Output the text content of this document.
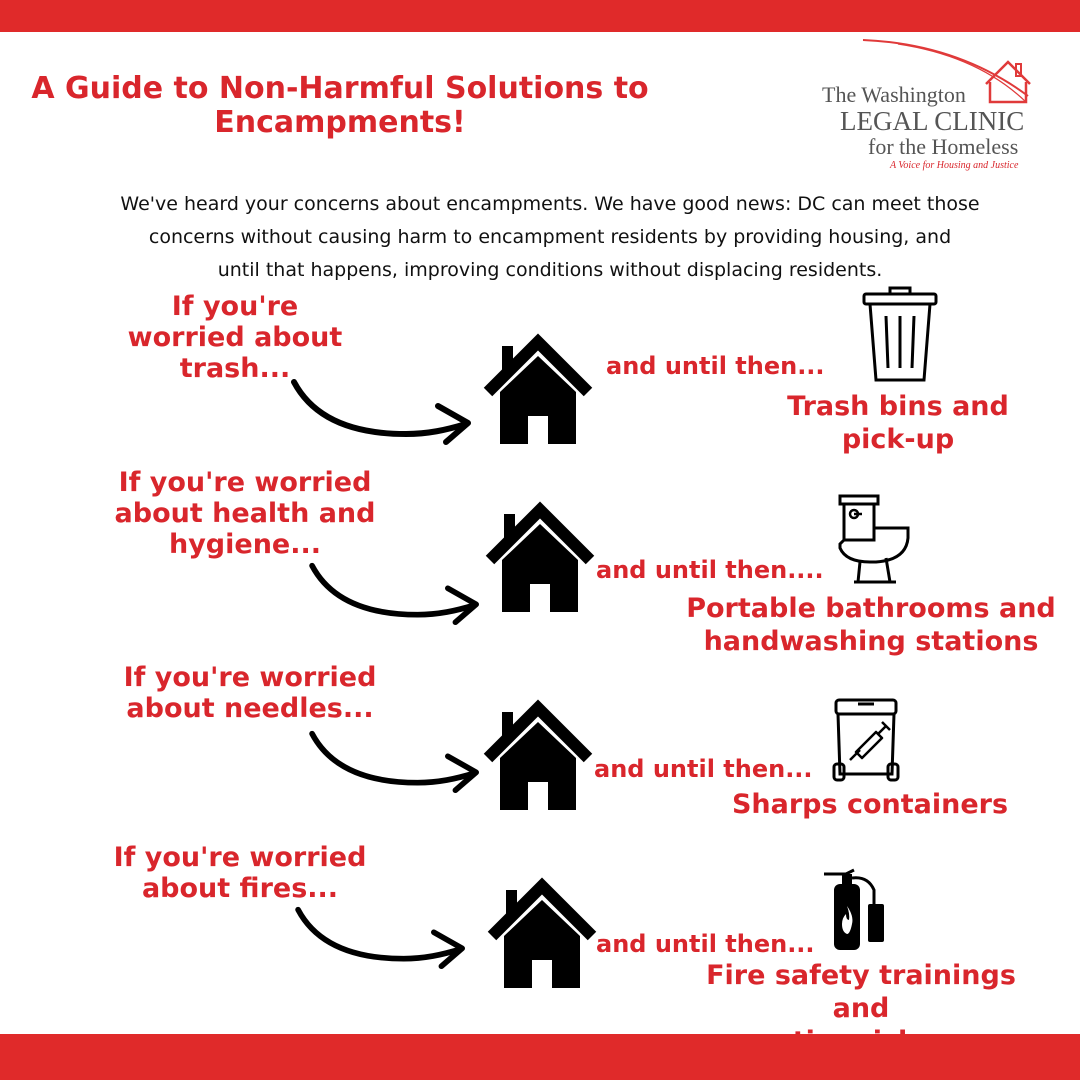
A Guide to Non-Harmful Solutions to
Encampments!
The Washington
LEGAL CLINIC
for the Homeless
A Voice for Housing and Justice
We've heard your concerns about encampments. We have good news: DC can meet those
concerns without causing harm to encampment residents by providing housing, and
until that happens, improving conditions without displacing residents.
If you're
worried about
trash...	and until then...
Trash bins and
pick-up
If you're worried
about health and
hygiene...
and until then....
Portable bathrooms and
handwashing stations
If you're worried
about needles...
and until then...
Sharps containers
If you're worried
about fires...
and until then...
Fire safety trainings and
